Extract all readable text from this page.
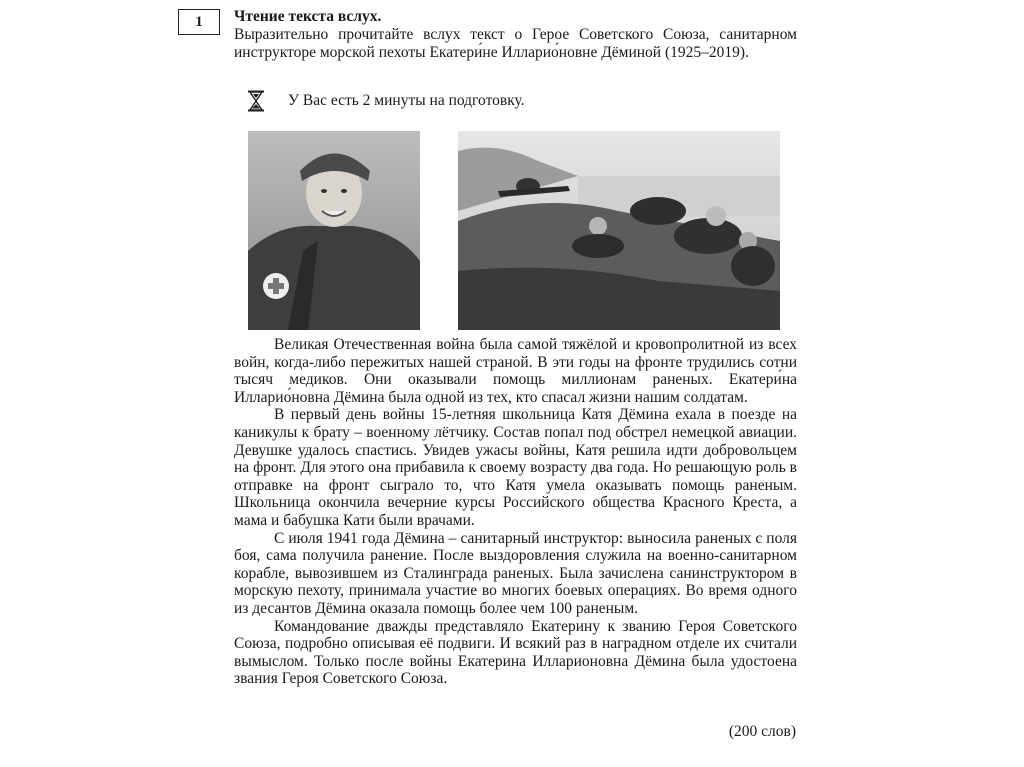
1 Чтение текста вслух.
Выразительно прочитайте вслух текст о Герое Советского Союза, санитарном инструкторе морской пехоты Екатери́не Илларио́новне Дёминой (1925–2019).
У Вас есть 2 минуты на подготовку.

Великая Отечественная война была самой тяжёлой и кровопролитной из всех войн, когда-либо пережитых нашей страной. В эти годы на фронте трудились сотни тысяч медиков. Они оказывали помощь миллионам раненых. Екатери́на Илларио́новна Дёмина была одной из тех, кто спасал жизни нашим солдатам.

В первый день войны 15-летняя школьница Катя Дёмина ехала в поезде на каникулы к брату – военному лётчику. Состав попал под обстрел немецкой авиации. Девушке удалось спастись. Увидев ужасы войны, Катя решила идти добровольцем на фронт. Для этого она прибавила к своему возрасту два года. Но решающую роль в отправке на фронт сыграло то, что Катя умела оказывать помощь раненым. Школьница окончила вечерние курсы Российского общества Красного Креста, а мама и бабушка Кати были врачами.

С июля 1941 года Дёмина – санитарный инструктор: выносила раненых с поля боя, сама получила ранение. После выздоровления служила на военно-санитарном корабле, вывозившем из Сталинграда раненых. Была зачислена санинструктором в морскую пехоту, принимала участие во многих боевых операциях. Во время одного из десантов Дёмина оказала помощь более чем 100 раненым.

Командование дважды представляло Екатерину к званию Героя Советского Союза, подробно описывая её подвиги. И всякий раз в наградном отделе их считали вымыслом. Только после войны Екатерина Илларионовна Дёмина была удостоена звания Героя Советского Союза.

(200 слов)
